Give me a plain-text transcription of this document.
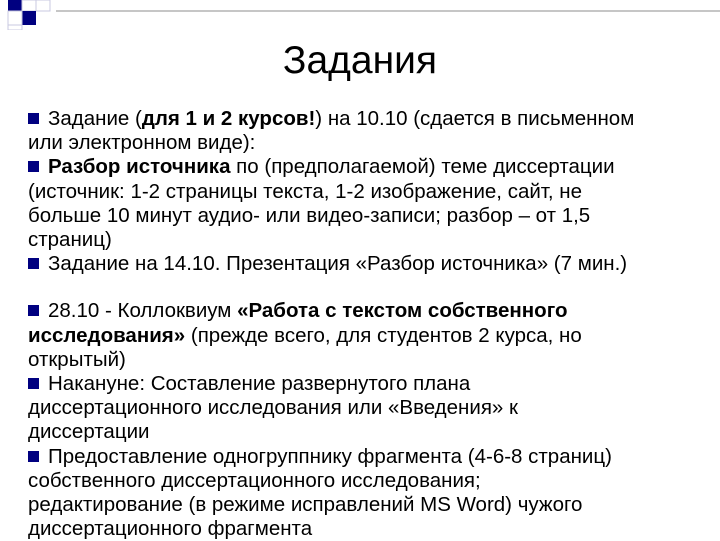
Задания
Задание (для 1 и 2 курсов!) на 10.10 (сдается в письменном
или электронном виде):
Разбор источника по (предполагаемой) теме диссертации
(источник: 1-2 страницы текста, 1-2 изображение, сайт, не
больше 10 минут аудио- или видео-записи; разбор – от 1,5
страниц)
Задание на 14.10. Презентация «Разбор источника» (7 мин.)
28.10 - Коллоквиум «Работа с текстом собственного
исследования» (прежде всего, для студентов 2 курса, но
открытый)
Накануне: Составление развернутого плана
диссертационного исследования или «Введения» к
диссертации
Предоставление одногруппнику фрагмента (4-6-8 страниц)
собственного диссертационного исследования;
редактирование (в режиме исправлений MS Word) чужого
диссертационного фрагмента
